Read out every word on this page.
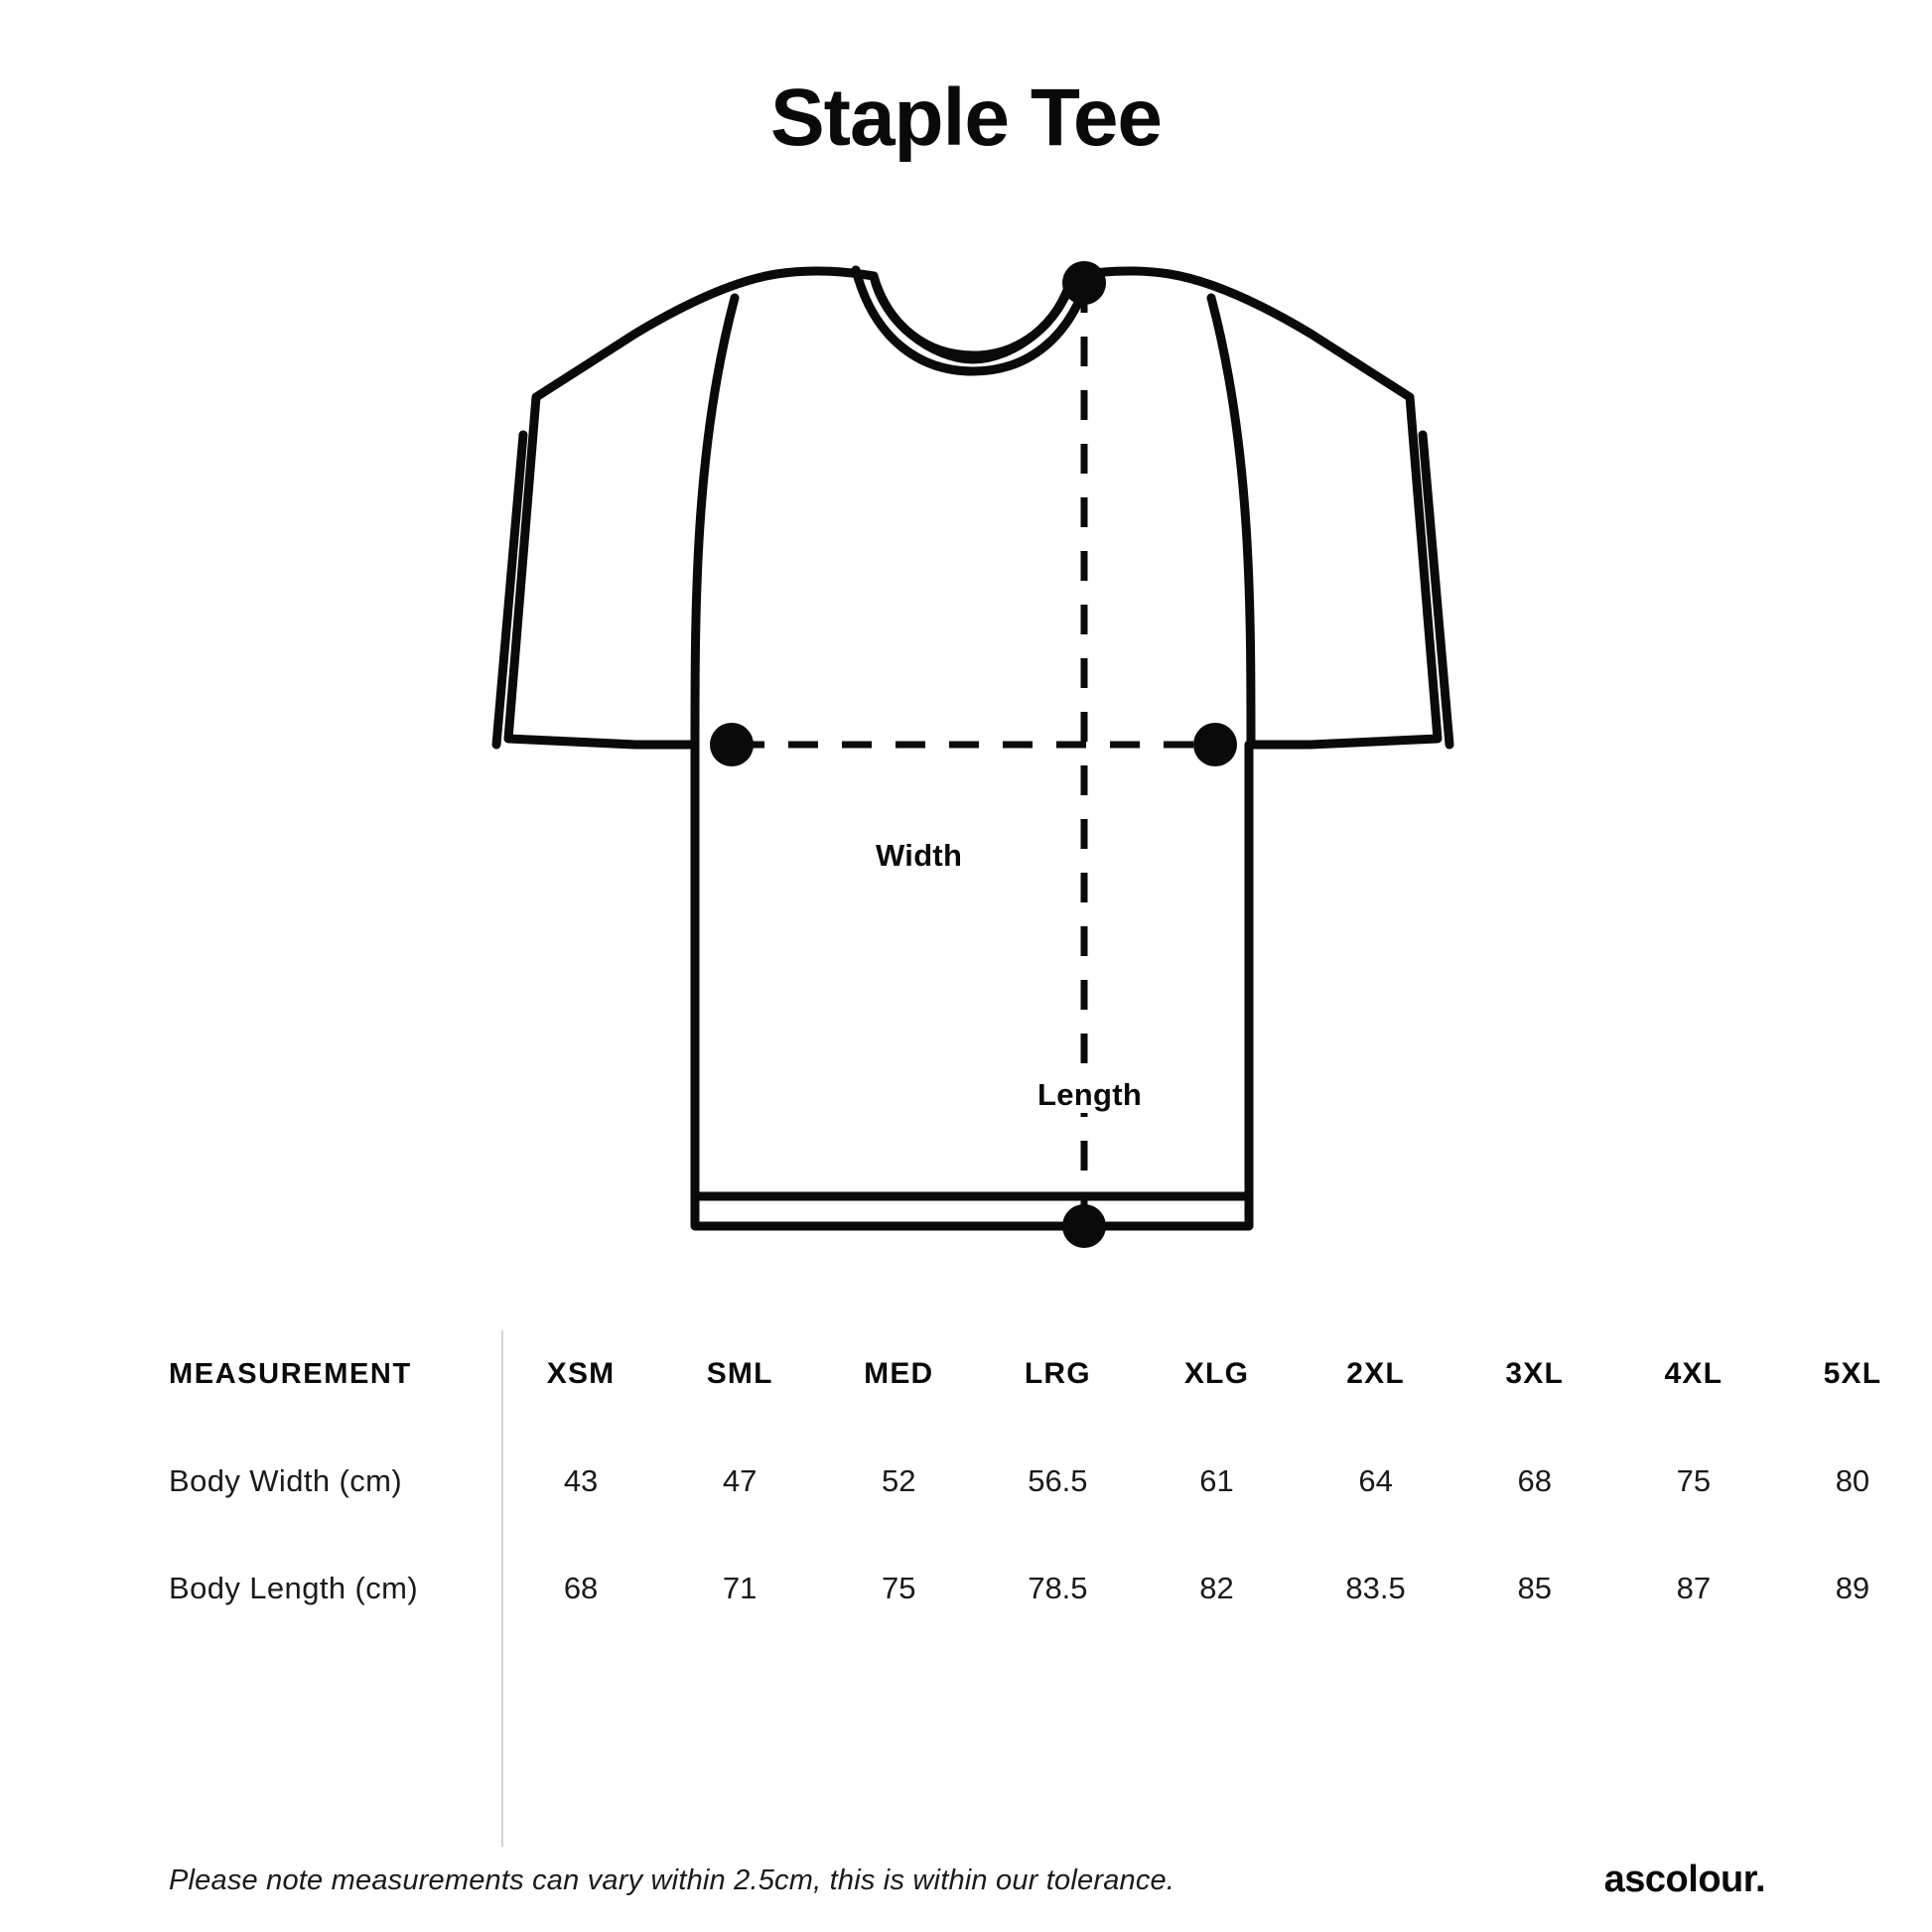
Staple Tee
Width
Length
MEASUREMENT	XSM	SML	MED	LRG	XLG	2XL	3XL	4XL	5XL
Body Width (cm)	43	47	52	56.5	61	64	68	75	80
Body Length (cm)	68	71	75	78.5	82	83.5	85	87	89
Please note measurements can vary within 2.5cm, this is within our tolerance.	ascolour.
